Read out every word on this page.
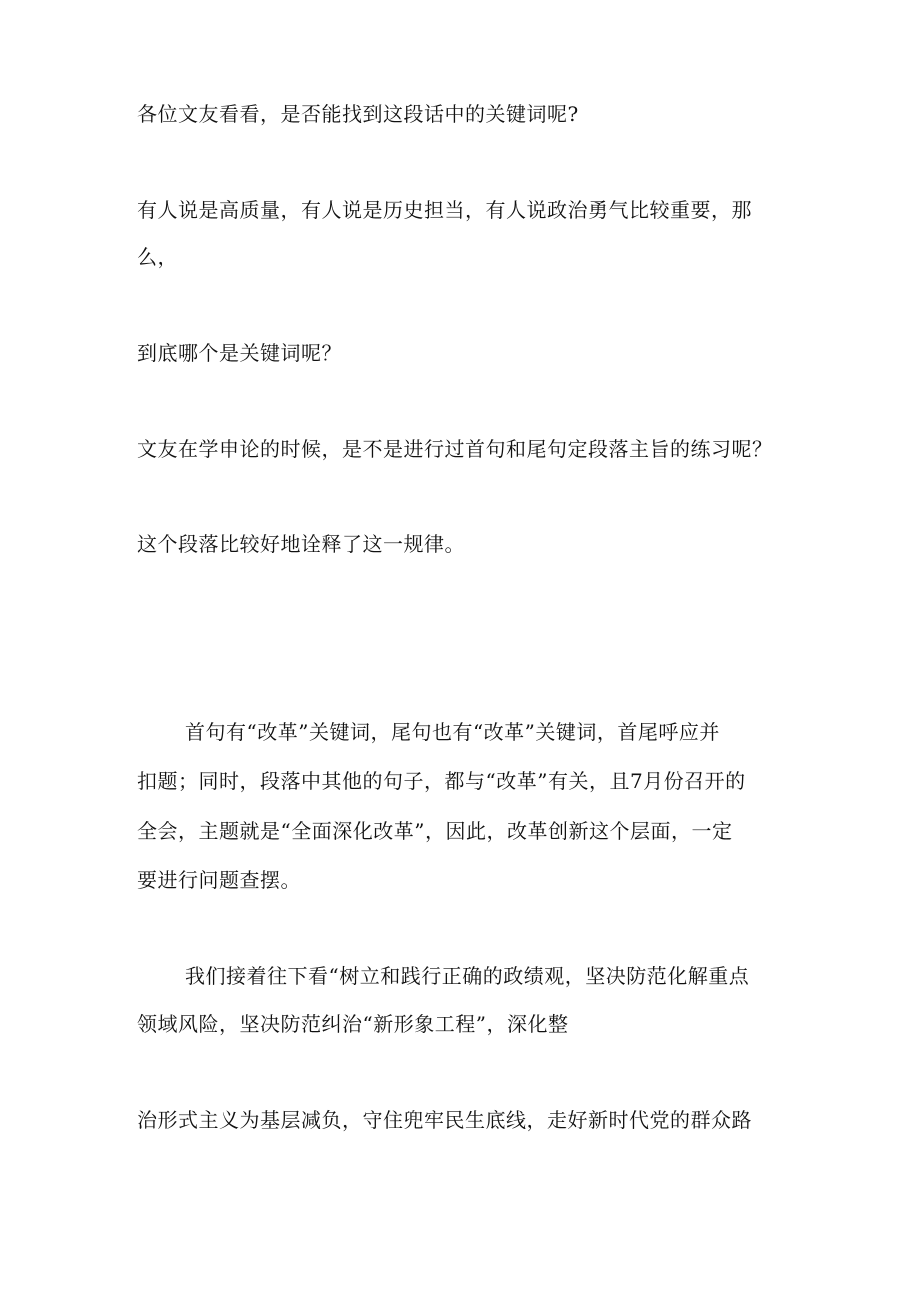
各位文友看看，是否能找到这段话中的关键词呢?
有人说是高质量，有人说是历史担当，有人说政治勇气比较重要，那
么，
到底哪个是关键词呢？
文友在学申论的时候，是不是进行过首句和尾句定段落主旨的练习呢？
这个段落比较好地诠释了这一规律。
首句有“改革”关键词，尾句也有“改革”关键词，首尾呼应并
扣题；同时，段落中其他的句子，都与“改革”有关，且7月份召开的
全会，主题就是“全面深化改革”，因此，改革创新这个层面，一定
要进行问题查摆。
我们接着往下看“树立和践行正确的政绩观，坚决防范化解重点
领域风险，坚决防范纠治“新形象工程”，深化整
治形式主义为基层减负，守住兜牢民生底线，走好新时代党的群众路
